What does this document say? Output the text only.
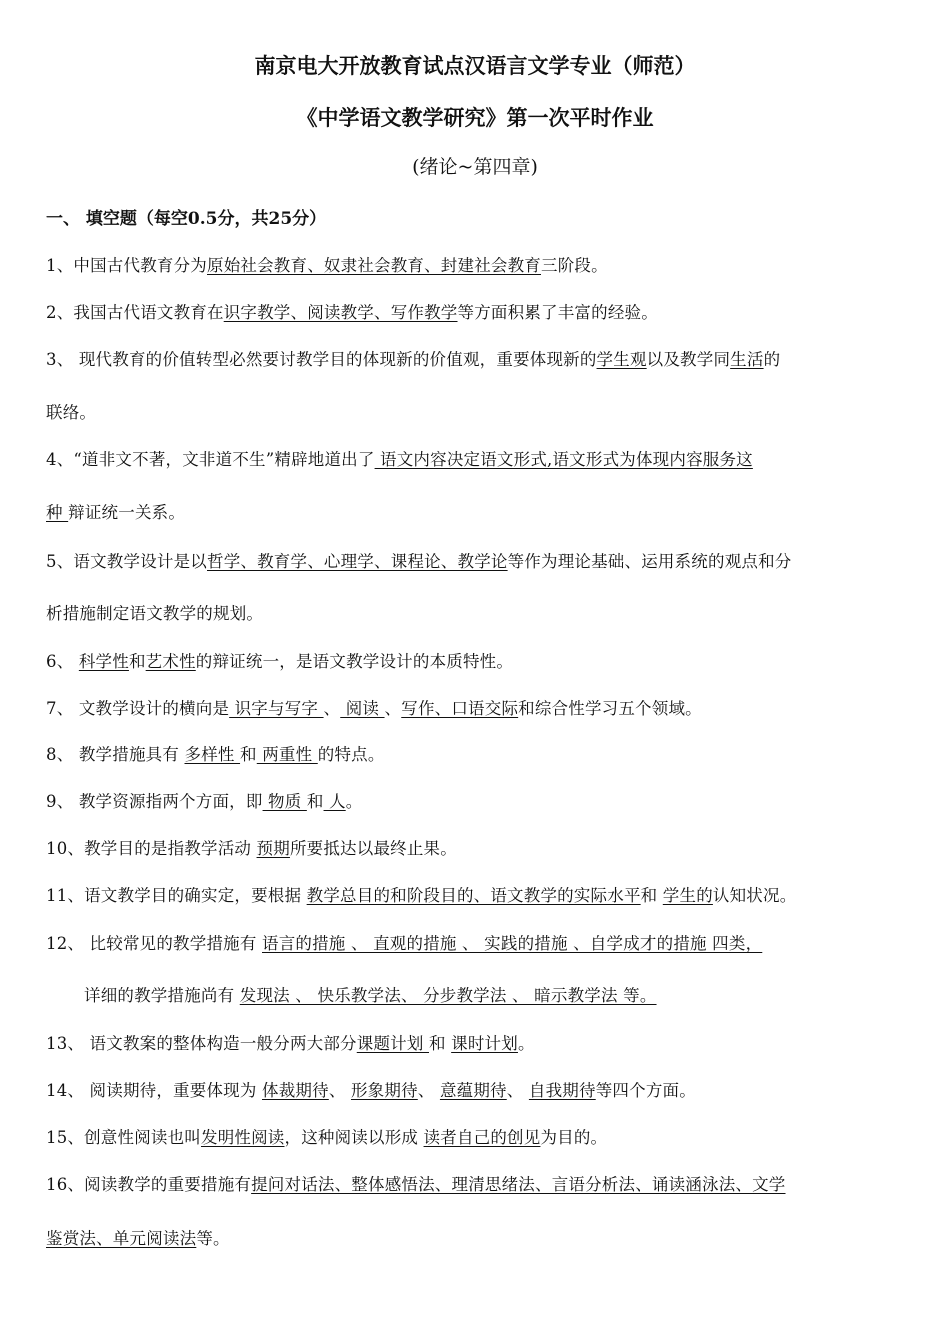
南京电大开放教育试点汉语言文学专业（师范）
《中学语文教学研究》第一次平时作业
(绪论~第四章)
一、 填空题（每空0.5分，共25分）
1、中国古代教育分为原始社会教育、奴隶社会教育、封建社会教育三阶段。
2、我国古代语文教育在识字教学、阅读教学、写作教学等方面积累了丰富的经验。
3、 现代教育的价值转型必然要讨教学目的体现新的价值观，重要体现新的学生观以及教学同生活的
联络。
4、“道非文不著，文非道不生”精辟地道出了 语文内容决定语文形式,语文形式为体现内容服务这
种 辩证统一关系。
5、语文教学设计是以哲学、教育学、心理学、课程论、教学论等作为理论基础、运用系统的观点和分
析措施制定语文教学的规划。
6、 科学性和艺术性的辩证统一，是语文教学设计的本质特性。
7、 文教学设计的横向是 识字与写字 、 阅读 、写作、口语交际和综合性学习五个领域。
8、 教学措施具有 多样性 和 两重性 的特点。
9、 教学资源指两个方面，即 物质 和 人。
10、教学目的是指教学活动 预期所要抵达以最终止果。
11、语文教学目的确实定，要根据 教学总目的和阶段目的、语文教学的实际水平和 学生的认知状况。
12、 比较常见的教学措施有 语言的措施 、 直观的措施 、 实践的措施 、自学成才的措施 四类，
详细的教学措施尚有 发现法 、 快乐教学法、 分步教学法 、 暗示教学法 等。
13、 语文教案的整体构造一般分两大部分课题计划 和 课时计划。
14、 阅读期待，重要体现为 体裁期待、 形象期待、 意蕴期待、 自我期待等四个方面。
15、创意性阅读也叫发明性阅读，这种阅读以形成 读者自己的创见为目的。
16、阅读教学的重要措施有提问对话法、整体感悟法、理清思绪法、言语分析法、诵读涵泳法、文学
鉴赏法、单元阅读法等。
